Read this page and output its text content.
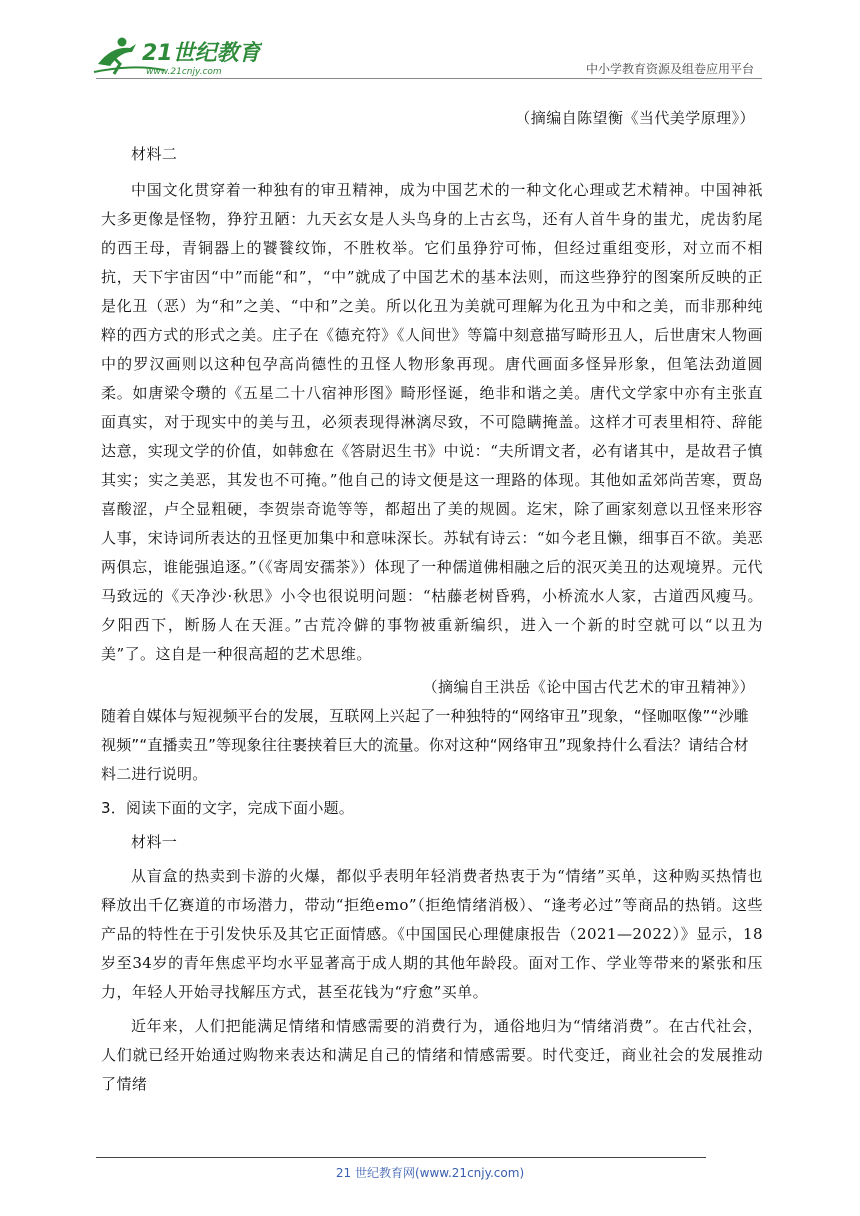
21世纪教育
www.21cnjy.com	中小学教育资源及组卷应用平台

（摘编自陈望衡《当代美学原理》）

材料二

中国文化贯穿着一种独有的审丑精神，成为中国艺术的一种文化心理或艺术精神。中国神祇大多更像是怪物，狰狞丑陋：九天玄女是人头鸟身的上古玄鸟，还有人首牛身的蚩尤，虎齿豹尾的西王母，青铜器上的饕餮纹饰，不胜枚举。它们虽狰狞可怖，但经过重组变形，对立而不相抗，天下宇宙因“中”而能“和”，“中”就成了中国艺术的基本法则，而这些狰狞的图案所反映的正是化丑（恶）为“和”之美、“中和”之美。所以化丑为美就可理解为化丑为中和之美，而非那种纯粹的西方式的形式之美。庄子在《德充符》《人间世》等篇中刻意描写畸形丑人，后世唐宋人物画中的罗汉画则以这种包孕高尚德性的丑怪人物形象再现。唐代画面多怪异形象，但笔法劲道圆柔。如唐梁令瓒的《五星二十八宿神形图》畸形怪诞，绝非和谐之美。唐代文学家中亦有主张直面真实，对于现实中的美与丑，必须表现得淋漓尽致，不可隐瞒掩盖。这样才可表里相符、辞能达意，实现文学的价值，如韩愈在《答尉迟生书》中说：“夫所谓文者，必有诸其中，是故君子慎其实；实之美恶，其发也不可掩。”他自己的诗文便是这一理路的体现。其他如孟郊尚苦寒，贾岛喜酸涩，卢仝显粗硬，李贺崇奇诡等等，都超出了美的规圆。迄宋，除了画家刻意以丑怪来形容人事，宋诗词所表达的丑怪更加集中和意味深长。苏轼有诗云：“如今老且懒，细事百不欲。美恶两俱忘，谁能强追逐。”（《寄周安孺茶》）体现了一种儒道佛相融之后的泯灭美丑的达观境界。元代马致远的《天净沙·秋思》小令也很说明问题：“枯藤老树昏鸦，小桥流水人家，古道西风瘦马。夕阳西下，断肠人在天涯。”古荒冷僻的事物被重新编织，进入一个新的时空就可以“以丑为美”了。这自是一种很高超的艺术思维。

（摘编自王洪岳《论中国古代艺术的审丑精神》）

随着自媒体与短视频平台的发展，互联网上兴起了一种独特的“网络审丑”现象，“怪咖呕像”“沙雕视频”“直播卖丑”等现象往往裹挟着巨大的流量。你对这种“网络审丑”现象持什么看法？请结合材料二进行说明。

3．阅读下面的文字，完成下面小题。

材料一

从盲盒的热卖到卡游的火爆，都似乎表明年轻消费者热衷于为“情绪”买单，这种购买热情也释放出千亿赛道的市场潜力，带动“拒绝emo”（拒绝情绪消极）、“逢考必过”等商品的热销。这些产品的特性在于引发快乐及其它正面情感。《中国国民心理健康报告（2021—2022）》显示，18岁至34岁的青年焦虑平均水平显著高于成人期的其他年龄段。面对工作、学业等带来的紧张和压力，年轻人开始寻找解压方式，甚至花钱为“疗愈”买单。

近年来，人们把能满足情绪和情感需要的消费行为，通俗地归为“情绪消费”。在古代社会，人们就已经开始通过购物来表达和满足自己的情绪和情感需要。时代变迁，商业社会的发展推动了情绪

21 世纪教育网(www.21cnjy.com)
